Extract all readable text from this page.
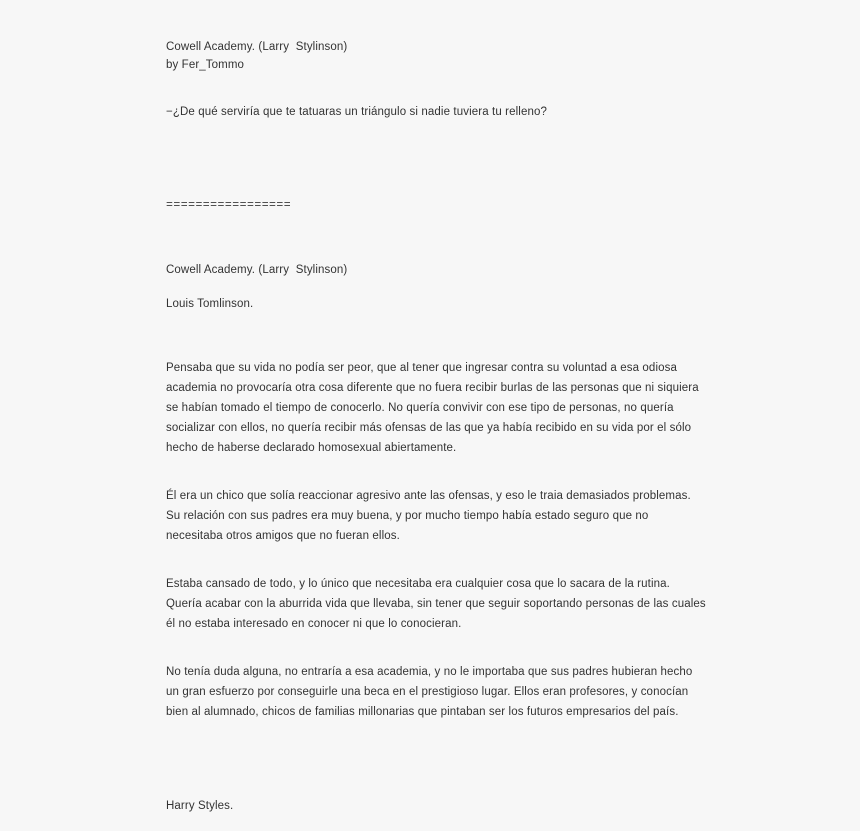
Cowell Academy. (Larry  Stylinson)
by Fer_Tommo
−¿De qué serviría que te tatuaras un triángulo si nadie tuviera tu relleno?
=================
Cowell Academy. (Larry  Stylinson)
Louis Tomlinson.

Pensaba que su vida no podía ser peor, que al tener que ingresar contra su voluntad a esa odiosa academia no provocaría otra cosa diferente que no fuera recibir burlas de las personas que ni siquiera se habían tomado el tiempo de conocerlo. No quería convivir con ese tipo de personas, no quería socializar con ellos, no quería recibir más ofensas de las que ya había recibido en su vida por el sólo hecho de haberse declarado homosexual abiertamente.

Él era un chico que solía reaccionar agresivo ante las ofensas, y eso le traia demasiados problemas.  Su relación con sus padres era muy buena, y por mucho tiempo había estado seguro que no necesitaba otros amigos que no fueran ellos.

Estaba cansado de todo, y lo único que necesitaba era cualquier cosa que lo sacara de la rutina. Quería acabar con la aburrida vida que llevaba, sin tener que seguir soportando personas de las cuales él no estaba interesado en conocer ni que lo conocieran.

No tenía duda alguna, no entraría a esa academia, y no le importaba que sus padres hubieran hecho un gran esfuerzo por conseguirle una beca en el prestigioso lugar. Ellos eran profesores, y conocían bien al alumnado, chicos de familias millonarias que pintaban ser los futuros empresarios del país.

Harry Styles.
